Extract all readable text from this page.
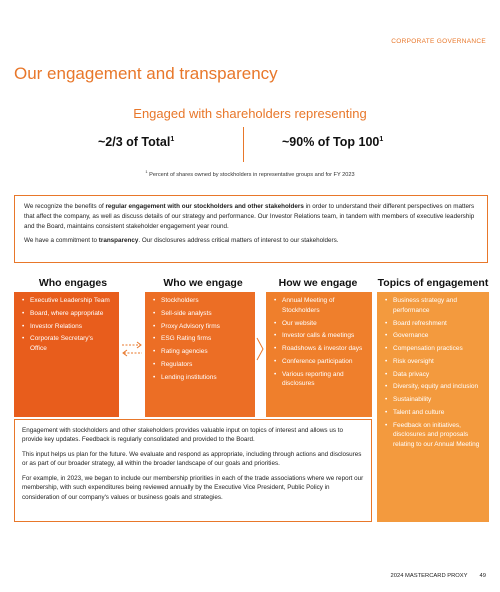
CORPORATE GOVERNANCE
Our engagement and transparency
Engaged with shareholders representing
~2/3 of Total$^1$	~90% of Top $100^1$
$^1$ Percent of shares owned by stockholders in representative groups and for FY 2023

We recognize the benefits of regular engagement with our stockholders and other stakeholders in order to understand their different perspectives on matters that affect the company, as well as discuss details of our strategy and performance. Our Investor Relations team, in tandem with members of executive leadership and the Board, maintains consistent stakeholder engagement year round.

We have a commitment to transparency. Our disclosures address critical matters of interest to our stakeholders.

Who engages	Who we engage	How we engage	Topics of engagement
• Executive Leadership Team
• Board, where appropriate
• Investor Relations
• Corporate Secretary's Office
• Stockholders
• Sell-side analysts
• Proxy Advisory firms
• ESG Rating firms
• Rating agencies
• Regulators
• Lending institutions
• Annual Meeting of Stockholders
• Our website
• Investor calls & meetings
• Roadshows & investor days
• Conference participation
• Various reporting and disclosures
• Business strategy and performance
• Board refreshment
• Governance
• Compensation practices
• Risk oversight
• Data privacy
• Diversity, equity and inclusion
• Sustainability
• Talent and culture
• Feedback on initiatives, disclosures and proposals relating to our Annual Meeting

Engagement with stockholders and other stakeholders provides valuable input on topics of interest and allows us to provide key updates. Feedback is regularly consolidated and provided to the Board.

This input helps us plan for the future. We evaluate and respond as appropriate, including through actions and disclosures or as part of our broader strategy, all within the broader landscape of our goals and priorities.

For example, in 2023, we began to include our membership priorities in each of the trade associations where we report our membership, with such expenditures being reviewed annually by the Executive Vice President, Public Policy in consideration of our company's values or business goals and strategies.

2024 MASTERCARD PROXY 49
